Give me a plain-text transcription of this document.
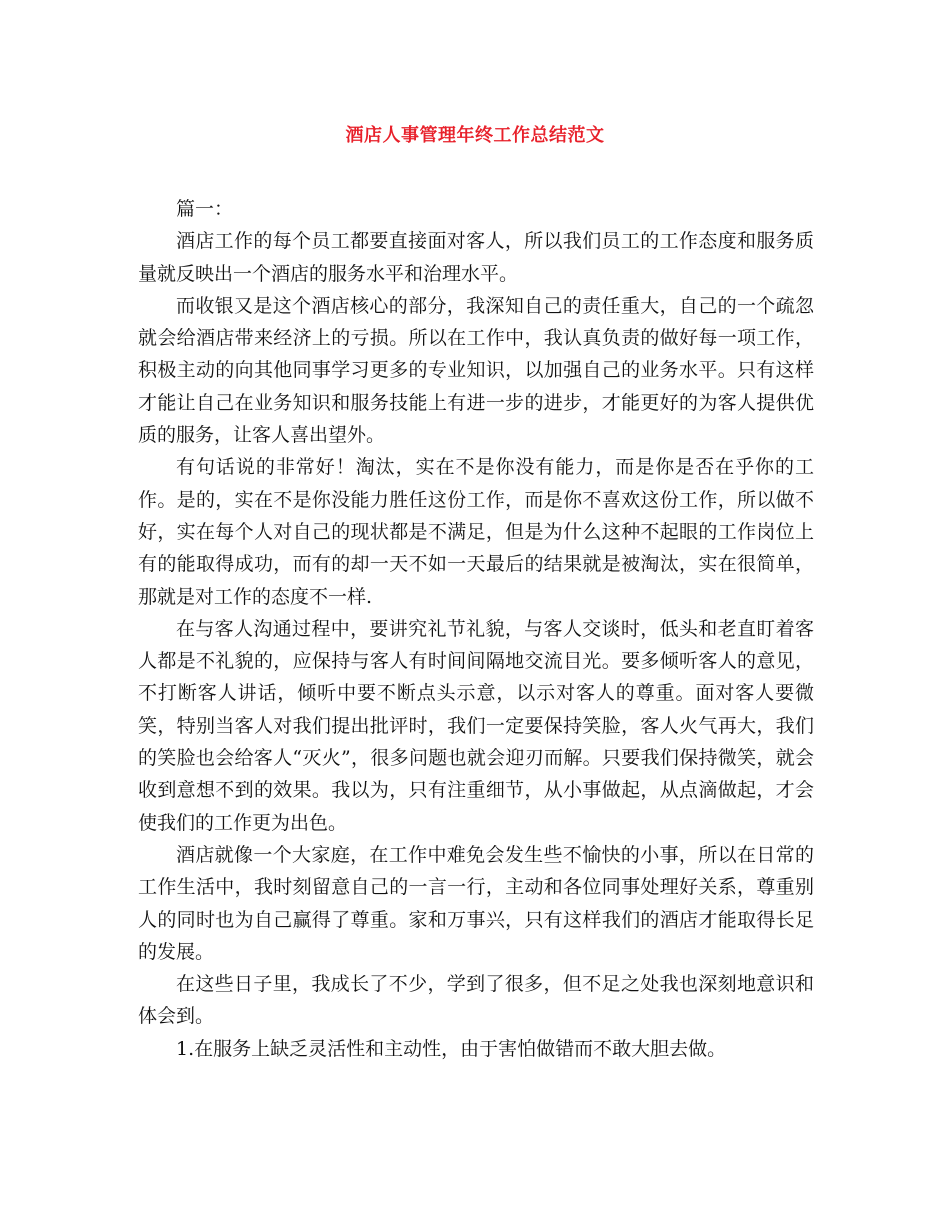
酒店人事管理年终工作总结范文

篇一：

酒店工作的每个员工都要直接面对客人，所以我们员工的工作态度和服务质量就反映出一个酒店的服务水平和治理水平。

而收银又是这个酒店核心的部分，我深知自己的责任重大，自己的一个疏忽就会给酒店带来经济上的亏损。所以在工作中，我认真负责的做好每一项工作，积极主动的向其他同事学习更多的专业知识，以加强自己的业务水平。只有这样才能让自己在业务知识和服务技能上有进一步的进步，才能更好的为客人提供优质的服务，让客人喜出望外。

有句话说的非常好！淘汰，实在不是你没有能力，而是你是否在乎你的工作。是的，实在不是你没能力胜任这份工作，而是你不喜欢这份工作，所以做不好，实在每个人对自己的现状都是不满足，但是为什么这种不起眼的工作岗位上有的能取得成功，而有的却一天不如一天最后的结果就是被淘汰，实在很简单，那就是对工作的态度不一样.

在与客人沟通过程中，要讲究礼节礼貌，与客人交谈时，低头和老直盯着客人都是不礼貌的，应保持与客人有时间间隔地交流目光。要多倾听客人的意见，不打断客人讲话，倾听中要不断点头示意，以示对客人的尊重。面对客人要微笑，特别当客人对我们提出批评时，我们一定要保持笑脸，客人火气再大，我们的笑脸也会给客人“灭火”，很多问题也就会迎刃而解。只要我们保持微笑，就会收到意想不到的效果。我以为，只有注重细节，从小事做起，从点滴做起，才会使我们的工作更为出色。

酒店就像一个大家庭，在工作中难免会发生些不愉快的小事，所以在日常的工作生活中，我时刻留意自己的一言一行，主动和各位同事处理好关系，尊重别人的同时也为自己赢得了尊重。家和万事兴，只有这样我们的酒店才能取得长足的发展。

在这些日子里，我成长了不少，学到了很多，但不足之处我也深刻地意识和体会到。

1.在服务上缺乏灵活性和主动性，由于害怕做错而不敢大胆去做。
